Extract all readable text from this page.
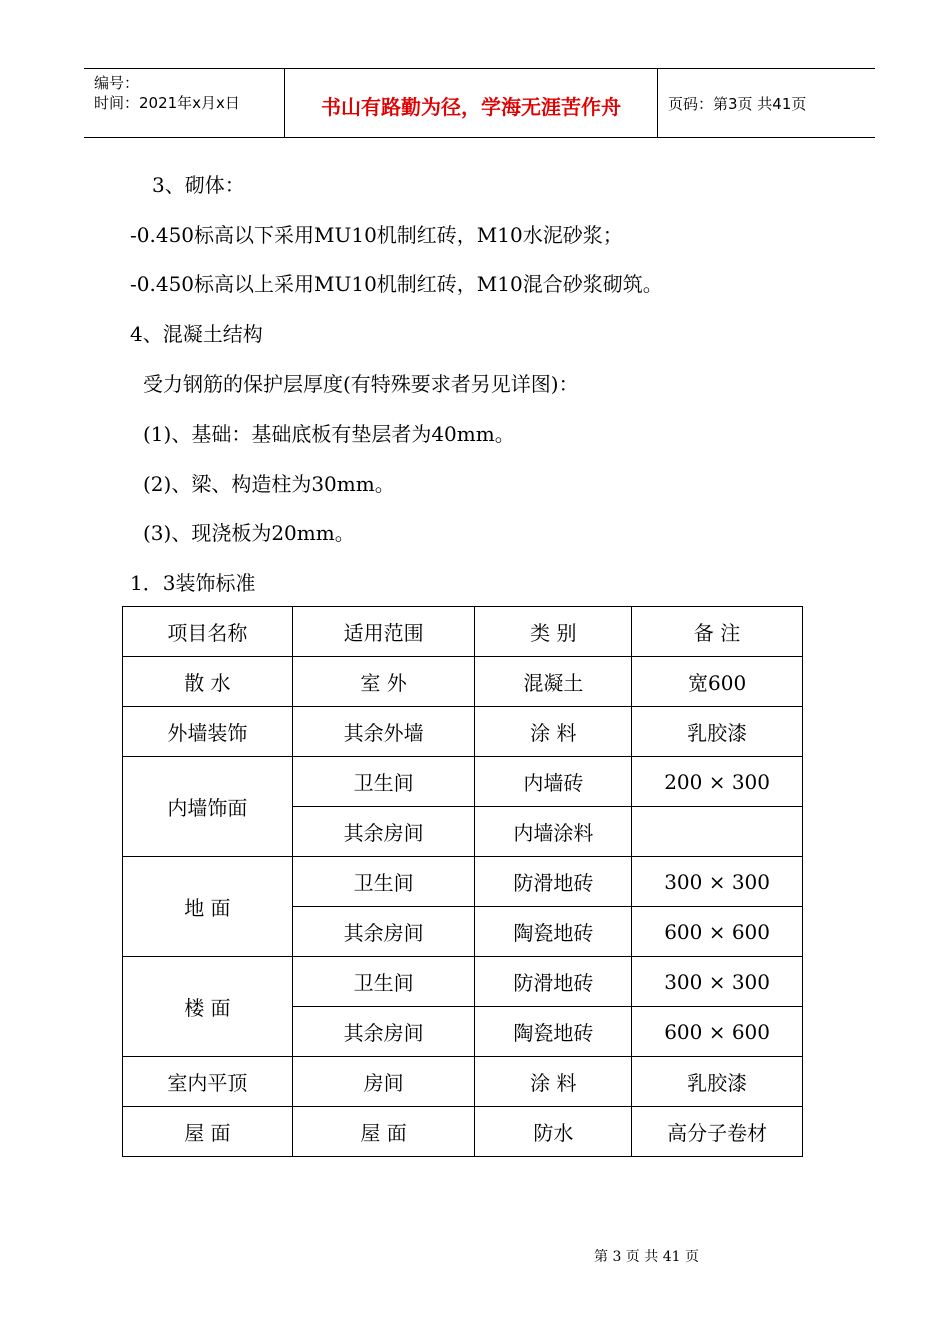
编号：
时间：2021年x月x日	书山有路勤为径，学海无涯苦作舟	页码：第3页 共41页
3、砌体：
-0.450标高以下采用MU10机制红砖，M10水泥砂浆；
-0.450标高以上采用MU10机制红砖，M10混合砂浆砌筑。
4、混凝土结构
受力钢筋的保护层厚度(有特殊要求者另见详图)：
(1)、基础：基础底板有垫层者为40mm。
(2)、梁、构造柱为30mm。
(3)、现浇板为20mm。
1．3装饰标准
项目名称	适用范围	类 别	备 注
散 水	室 外	混凝土	宽600
外墙装饰	其余外墙	涂 料	乳胶漆
内墙饰面	卫生间	内墙砖	200 × 300
	其余房间	内墙涂料	
地 面	卫生间	防滑地砖	300 × 300
	其余房间	陶瓷地砖	600 × 600
楼 面	卫生间	防滑地砖	300 × 300
	其余房间	陶瓷地砖	600 × 600
室内平顶	房间	涂 料	乳胶漆
屋 面	屋 面	防水	高分子卷材
第 3 页 共 41 页
